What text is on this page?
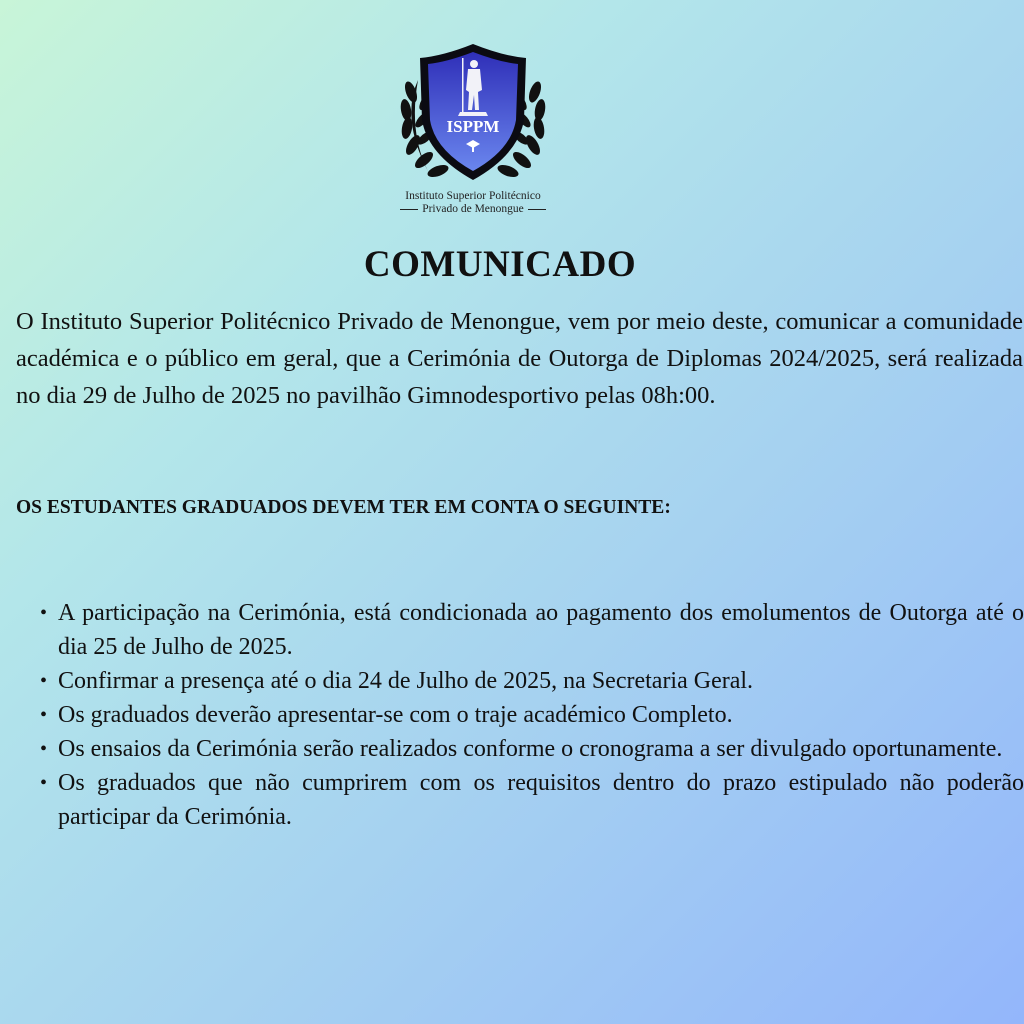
ISPPM
Instituto Superior Politécnico
Privado de Menongue
COMUNICADO

O Instituto Superior Politécnico Privado de Menongue, vem por meio deste, comunicar a comunidade académica e o público em geral, que a Cerimónia de Outorga de Diplomas 2024/2025, será realizada no dia 29 de Julho de 2025 no pavilhão Gimnodesportivo pelas 08h:00.

OS ESTUDANTES GRADUADOS DEVEM TER EM CONTA O SEGUINTE:
• A participação na Cerimónia, está condicionada ao pagamento dos emolumentos de Outorga até o dia 25 de Julho de 2025.
• Confirmar a presença até o dia 24 de Julho de 2025, na Secretaria Geral.
• Os graduados deverão apresentar-se com o traje académico Completo.
• Os ensaios da Cerimónia serão realizados conforme o cronograma a ser divulgado oportunamente.
• Os graduados que não cumprirem com os requisitos dentro do prazo estipulado não poderão participar da Cerimónia.
